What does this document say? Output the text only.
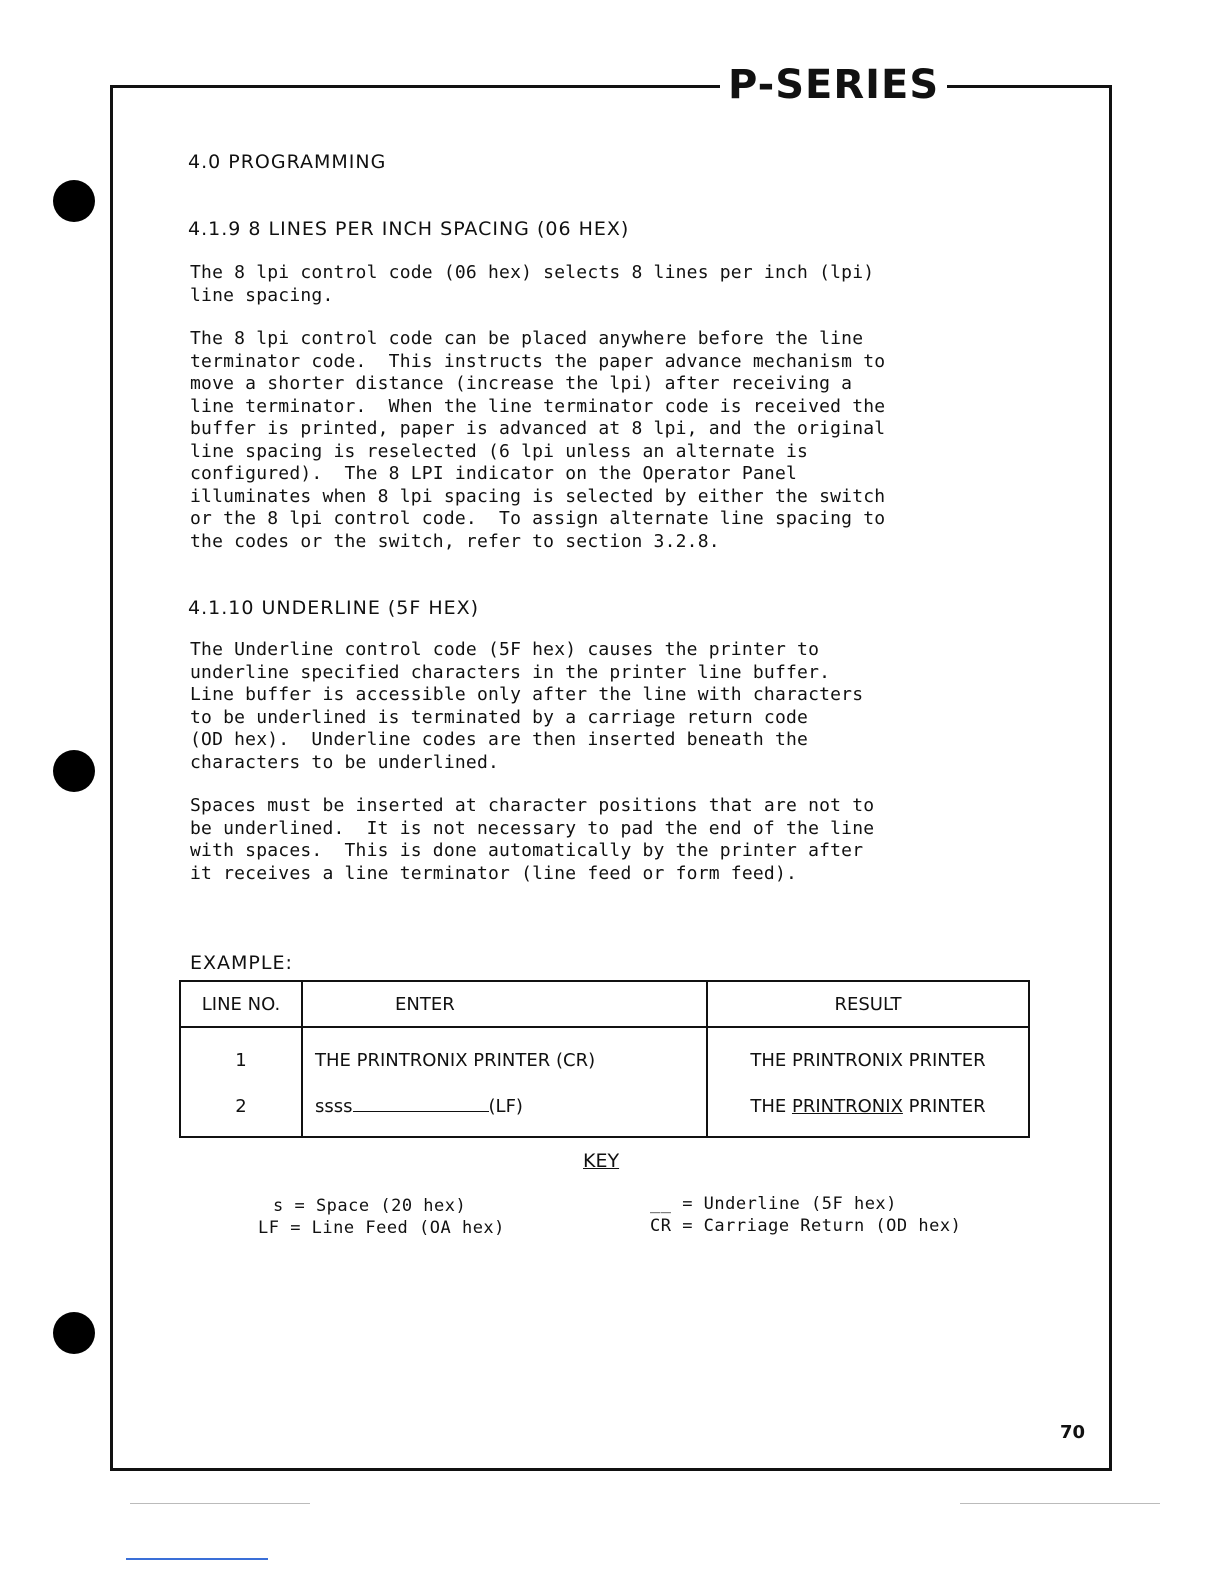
P-SERIES
4.0 PROGRAMMING
4.1.9 8 LINES PER INCH SPACING (06 HEX)

The 8 lpi control code (06 hex) selects 8 lines per inch (lpi)

line spacing.

The 8 lpi control code can be placed anywhere before the line

terminator code.  This instructs the paper advance mechanism to

move a shorter distance (increase the lpi) after receiving a

line terminator.  When the line terminator code is received the

buffer is printed, paper is advanced at 8 lpi, and the original

line spacing is reselected (6 lpi unless an alternate is

configured).  The 8 LPI indicator on the Operator Panel

illuminates when 8 lpi spacing is selected by either the switch

or the 8 lpi control code.  To assign alternate line spacing to

the codes or the switch, refer to section 3.2.8.

4.1.10 UNDERLINE (5F HEX)

The Underline control code (5F hex) causes the printer to

underline specified characters in the printer line buffer.

Line buffer is accessible only after the line with characters

to be underlined is terminated by a carriage return code

(OD hex).  Underline codes are then inserted beneath the

characters to be underlined.

Spaces must be inserted at character positions that are not to

be underlined.  It is not necessary to pad the end of the line

with spaces.  This is done automatically by the printer after

it receives a line terminator (line feed or form feed).

EXAMPLE:
LINE NO.	ENTER	RESULT
1	THE PRINTRONIX PRINTER (CR)	THE PRINTRONIX PRINTER
2	ssss (LF)	THE PRINTRONIX PRINTER
KEY
s = Space (20 hex)
LF = Line Feed (OA hex)
__ = Underline (5F hex)
CR = Carriage Return (OD hex)
70
